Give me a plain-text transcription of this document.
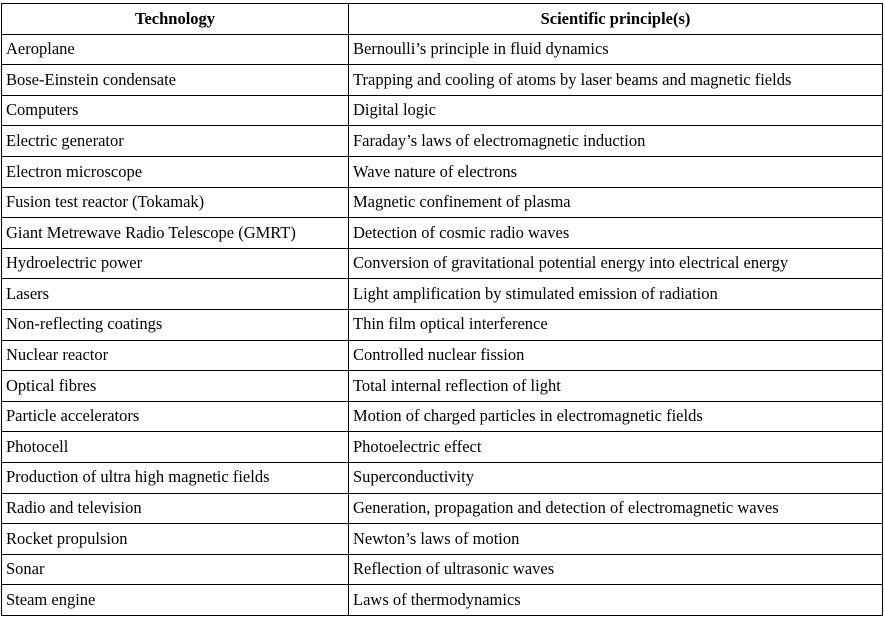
Technology	Scientific principle(s)
Aeroplane	Bernoulli’s principle in fluid dynamics
Bose-Einstein condensate	Trapping and cooling of atoms by laser beams and magnetic fields
Computers	Digital logic
Electric generator	Faraday’s laws of electromagnetic induction
Electron microscope	Wave nature of electrons
Fusion test reactor (Tokamak)	Magnetic confinement of plasma
Giant Metrewave Radio Telescope (GMRT)	Detection of cosmic radio waves
Hydroelectric power	Conversion of gravitational potential energy into electrical energy
Lasers	Light amplification by stimulated emission of radiation
Non-reflecting coatings	Thin film optical interference
Nuclear reactor	Controlled nuclear fission
Optical fibres	Total internal reflection of light
Particle accelerators	Motion of charged particles in electromagnetic fields
Photocell	Photoelectric effect
Production of ultra high magnetic fields	Superconductivity
Radio and television	Generation, propagation and detection of electromagnetic waves
Rocket propulsion	Newton’s laws of motion
Sonar	Reflection of ultrasonic waves
Steam engine	Laws of thermodynamics
